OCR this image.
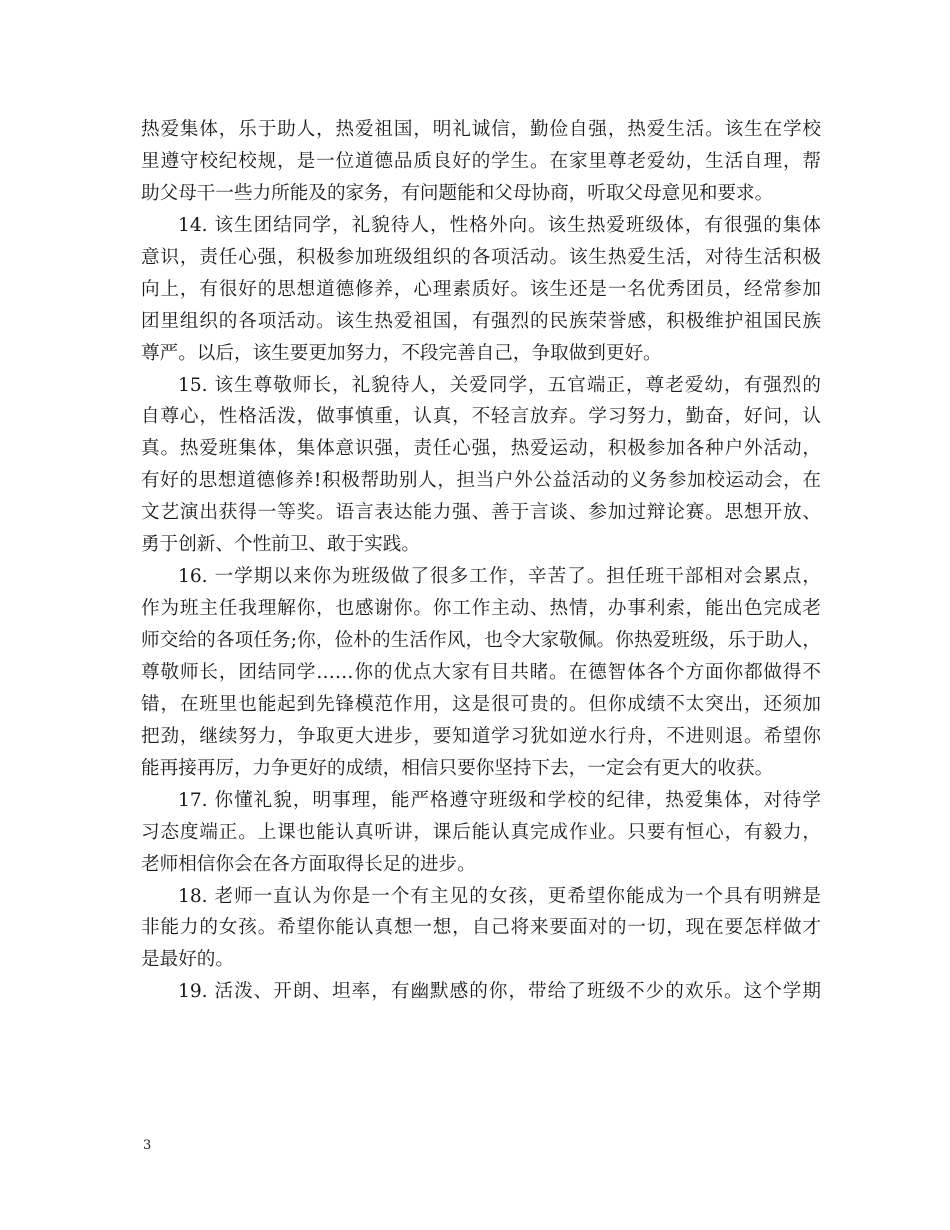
热爱集体，乐于助人，热爱祖国，明礼诚信，勤俭自强，热爱生活。该生在学校
里遵守校纪校规，是一位道德品质良好的学生。在家里尊老爱幼，生活自理，帮
助父母干一些力所能及的家务，有问题能和父母协商，听取父母意见和要求。
14. 该生团结同学，礼貌待人，性格外向。该生热爱班级体，有很强的集体
意识，责任心强，积极参加班级组织的各项活动。该生热爱生活，对待生活积极
向上，有很好的思想道德修养，心理素质好。该生还是一名优秀团员，经常参加
团里组织的各项活动。该生热爱祖国，有强烈的民族荣誉感，积极维护祖国民族
尊严。以后，该生要更加努力，不段完善自己，争取做到更好。
15. 该生尊敬师长，礼貌待人，关爱同学，五官端正，尊老爱幼，有强烈的
自尊心，性格活泼，做事慎重，认真，不轻言放弃。学习努力，勤奋，好问，认
真。热爱班集体，集体意识强，责任心强，热爱运动，积极参加各种户外活动，
有好的思想道德修养!积极帮助别人，担当户外公益活动的义务参加校运动会，在
文艺演出获得一等奖。语言表达能力强、善于言谈、参加过辩论赛。思想开放、
勇于创新、个性前卫、敢于实践。
16. 一学期以来你为班级做了很多工作，辛苦了。担任班干部相对会累点，
作为班主任我理解你，也感谢你。你工作主动、热情，办事利索，能出色完成老
师交给的各项任务;你，俭朴的生活作风，也令大家敬佩。你热爱班级，乐于助人，
尊敬师长，团结同学……你的优点大家有目共睹。在德智体各个方面你都做得不
错，在班里也能起到先锋模范作用，这是很可贵的。但你成绩不太突出，还须加
把劲，继续努力，争取更大进步，要知道学习犹如逆水行舟，不进则退。希望你
能再接再厉，力争更好的成绩，相信只要你坚持下去，一定会有更大的收获。
17. 你懂礼貌，明事理，能严格遵守班级和学校的纪律，热爱集体，对待学
习态度端正。上课也能认真听讲，课后能认真完成作业。只要有恒心，有毅力，
老师相信你会在各方面取得长足的进步。
18. 老师一直认为你是一个有主见的女孩，更希望你能成为一个具有明辨是
非能力的女孩。希望你能认真想一想，自己将来要面对的一切，现在要怎样做才
是最好的。
19. 活泼、开朗、坦率，有幽默感的你，带给了班级不少的欢乐。这个学期
3
